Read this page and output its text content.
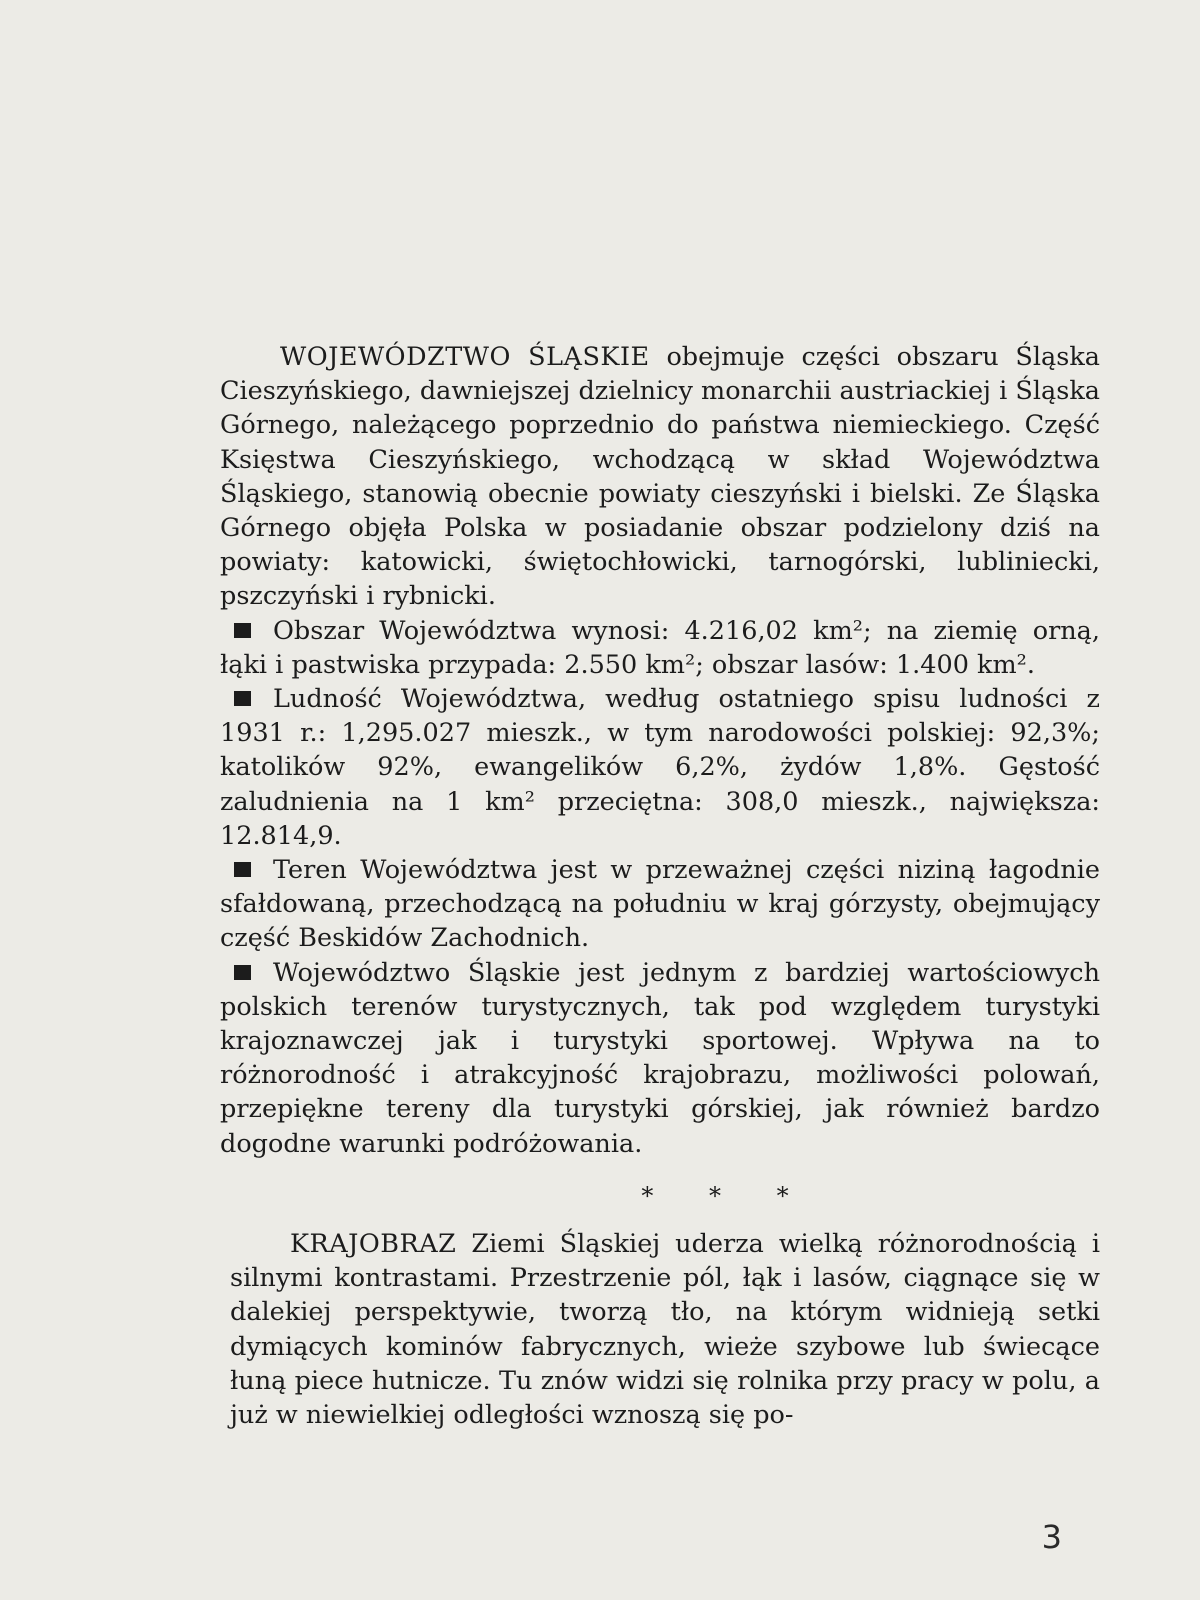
WOJEWÓDZTWO ŚLĄSKIE obejmuje części obszaru Śląska Cieszyńskiego, dawniejszej dzielnicy monarchii austriackiej i Śląska Górnego, należącego poprzednio do państwa niemieckiego. Część Księstwa Cieszyńskiego, wchodzącą w skład Województwa Śląskiego, stanowią obecnie powiaty cieszyński i bielski. Ze Śląska Górnego objęła Polska w posiadanie obszar podzielony dziś na powiaty: katowicki, świętochłowicki, tarnogórski, lubliniecki, pszczyński i rybnicki.

Obszar Województwa wynosi: 4.216,02 km²; na ziemię orną, łąki i pastwiska przypada: 2.550 km²; obszar lasów: 1.400 km².

Ludność Województwa, według ostatniego spisu ludności z 1931 r.: 1,295.027 mieszk., w tym narodowości polskiej: 92,3%; katolików 92%, ewangelików 6,2%, żydów 1,8%. Gęstość zaludnienia na 1 km² przeciętna: 308,0 mieszk., największa: 12.814,9.

Teren Województwa jest w przeważnej części niziną łagodnie sfałdowaną, przechodzącą na południu w kraj górzysty, obejmujący część Beskidów Zachodnich.

Województwo Śląskie jest jednym z bardziej wartościowych polskich terenów turystycznych, tak pod względem turystyki krajoznawczej jak i turystyki sportowej. Wpływa na to różnorodność i atrakcyjność krajobrazu, możliwości polowań, przepiękne tereny dla turystyki górskiej, jak również bardzo dogodne warunki podróżowania.

* * *

KRAJOBRAZ Ziemi Śląskiej uderza wielką różnorodnością i silnymi kontrastami. Przestrzenie pól, łąk i lasów, ciągnące się w dalekiej perspektywie, tworzą tło, na którym widnieją setki dymiących kominów fabrycznych, wieże szybowe lub świecące łuną piece hutnicze. Tu znów widzi się rolnika przy pracy w polu, a już w niewielkiej odległości wznoszą się po-

3
